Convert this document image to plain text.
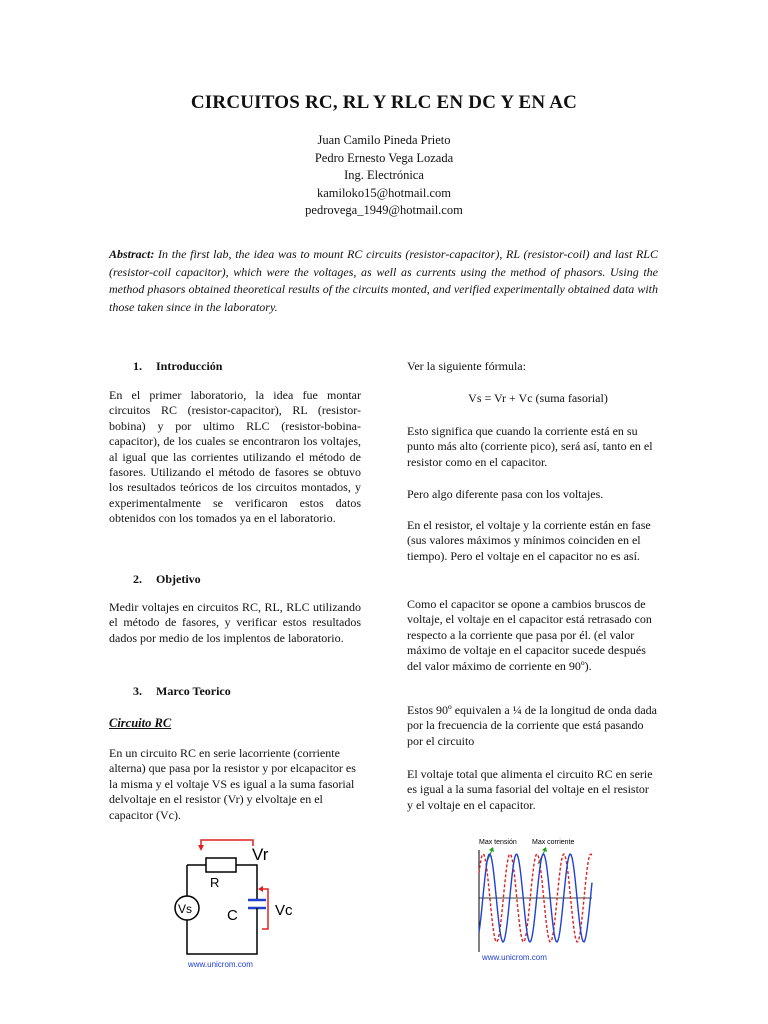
CIRCUITOS RC, RL Y RLC EN DC Y EN AC
Juan Camilo Pineda Prieto
Pedro Ernesto Vega Lozada
Ing. Electrónica
kamiloko15@hotmail.com
pedrovega_1949@hotmail.com
Abstract: In the first lab, the idea was to mount RC circuits (resistor-capacitor), RL (resistor-coil) and last RLC (resistor-coil capacitor), which were the voltages, as well as currents using the method of phasors. Using the method phasors obtained theoretical results of the circuits monted, and verified experimentally obtained data with those taken since in the laboratory.
1. Introducción

En el primer laboratorio, la idea fue montar circuitos RC (resistor-capacitor), RL (resistor-bobina) y por ultimo RLC (resistor-bobina-capacitor), de los cuales se encontraron los voltajes, al igual que las corrientes utilizando el método de fasores. Utilizando el método de fasores se obtuvo los resultados teóricos de los circuitos montados, y experimentalmente se verificaron estos datos obtenidos con los tomados ya en el laboratorio.

2. Objetivo

Medir voltajes en circuitos RC, RL, RLC utilizando el método de fasores, y verificar estos resultados dados por medio de los implentos de laboratorio.

3. Marco Teorico
Circuito RC

En un circuito RC en serie lacorriente (corriente alterna) que pasa por la resistor y por elcapacitor es la misma y el voltaje VS es igual a la suma fasorial delvoltaje en el resistor (Vr) y elvoltaje en el capacitor (Vc).

Ver la siguiente fórmula:

Vs = Vr + Vc (suma fasorial)

Esto significa que cuando la corriente está en su punto más alto (corriente pico), será así, tanto en el resistor como en el capacitor.

Pero algo diferente pasa con los voltajes.

En el resistor, el voltaje y la corriente están en fase (sus valores máximos y mínimos coinciden en el tiempo). Pero el voltaje en el capacitor no es así.

Como el capacitor se opone a cambios bruscos de voltaje, el voltaje en el capacitor está retrasado con respecto a la corriente que pasa por él. (el valor máximo de voltaje en el capacitor sucede después del valor máximo de corriente en 90º).

Estos 90º equivalen a ¼ de la longitud de onda dada por la frecuencia de la corriente que está pasando por el circuito

El voltaje total que alimenta el circuito RC en serie es igual a la suma fasorial del voltaje en el resistor y el voltaje en el capacitor.

Vr
R
Vs C Vc
www.unicrom.com
Max tensión Max corriente
www.unicrom.com
